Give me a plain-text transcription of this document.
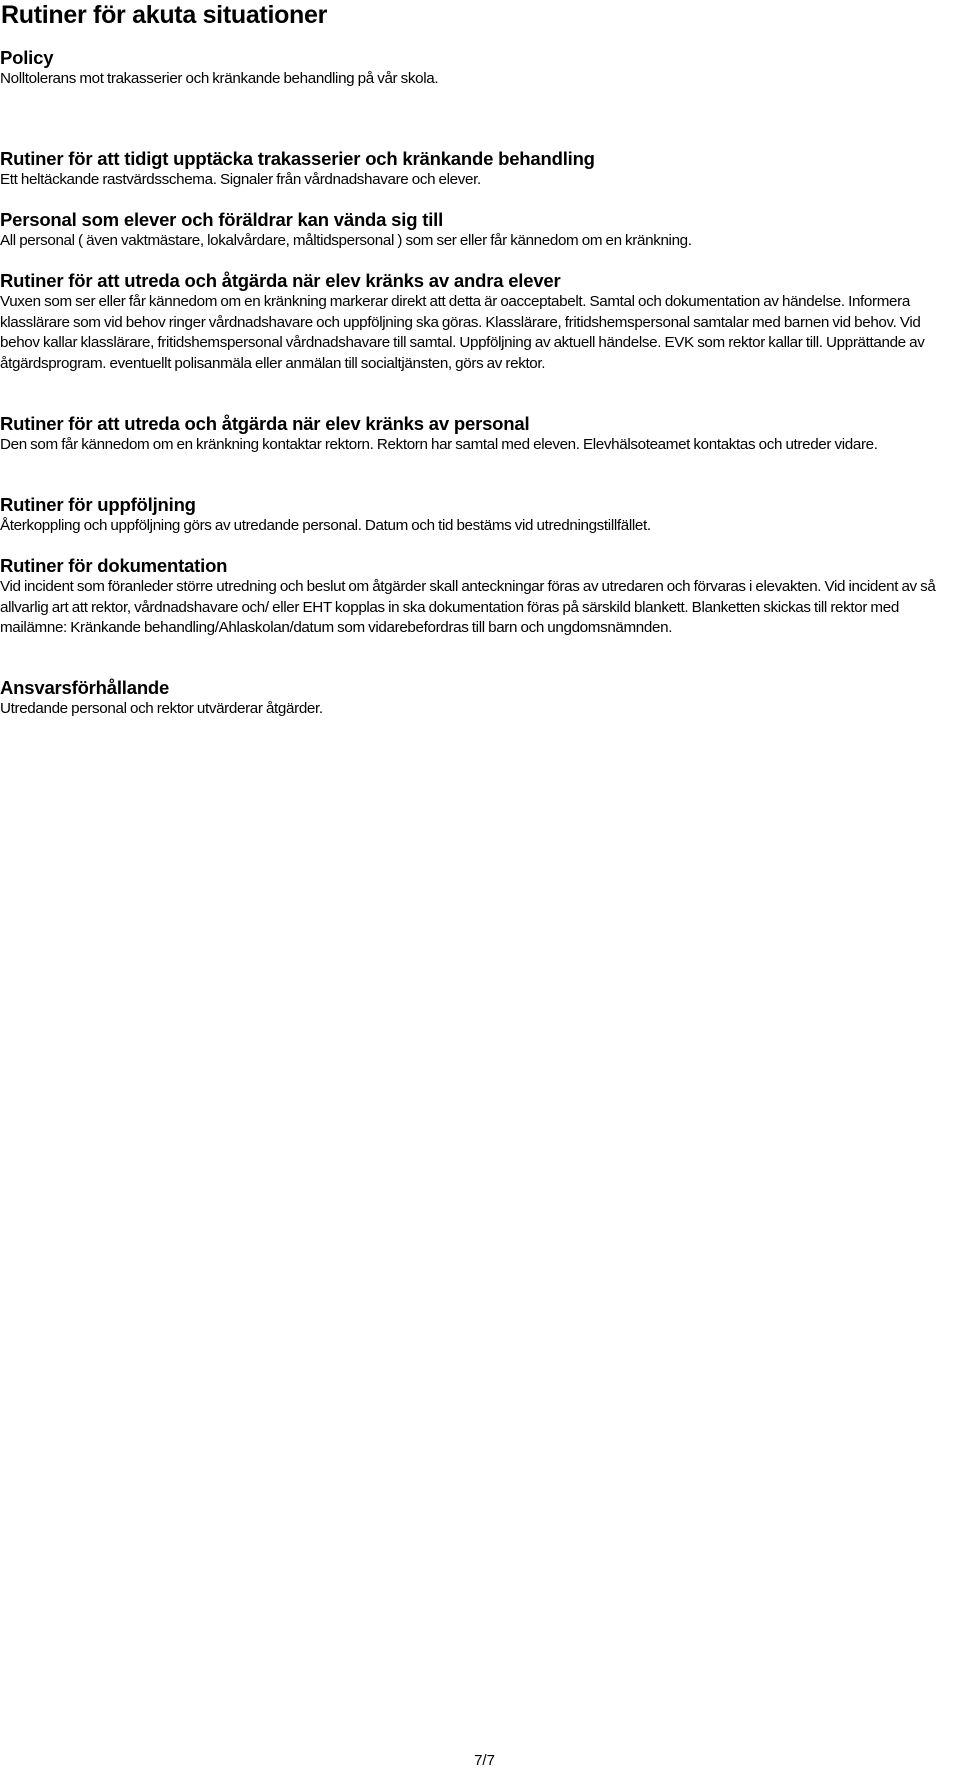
Rutiner för akuta situationer
Policy

Nolltolerans mot trakasserier och kränkande behandling på vår skola.

Rutiner för att tidigt upptäcka trakasserier och kränkande behandling

Ett heltäckande rastvärdsschema. Signaler från vårdnadshavare och elever.

Personal som elever och föräldrar kan vända sig till

All personal ( även vaktmästare, lokalvårdare, måltidspersonal ) som ser eller får kännedom om en kränkning.

Rutiner för att utreda och åtgärda när elev kränks av andra elever

Vuxen som ser eller får kännedom om en kränkning markerar direkt att detta är oacceptabelt. Samtal och dokumentation av händelse. Informera klasslärare som vid behov ringer vårdnadshavare och uppföljning ska göras. Klasslärare, fritidshemspersonal samtalar med barnen vid behov. Vid behov kallar klasslärare, fritidshemspersonal vårdnadshavare till samtal. Uppföljning av aktuell händelse. EVK som rektor kallar till. Upprättande av åtgärdsprogram. eventuellt polisanmäla eller anmälan till socialtjänsten, görs av rektor.

Rutiner för att utreda och åtgärda när elev kränks av personal

Den som får kännedom om en kränkning kontaktar rektorn. Rektorn har samtal med eleven. Elevhälsoteamet kontaktas och utreder vidare.

Rutiner för uppföljning

Återkoppling och uppföljning görs av utredande personal. Datum och tid bestäms vid utredningstillfället.

Rutiner för dokumentation

Vid incident som föranleder större utredning och beslut om åtgärder skall anteckningar föras av utredaren och förvaras i elevakten. Vid incident av så allvarlig art att rektor, vårdnadshavare och/ eller EHT kopplas in ska dokumentation föras på särskild blankett. Blanketten skickas till rektor med mailämne: Kränkande behandling/Ahlaskolan/datum som vidarebefordras till barn och ungdomsnämnden.

Ansvarsförhållande

Utredande personal och rektor utvärderar åtgärder.

7/7
